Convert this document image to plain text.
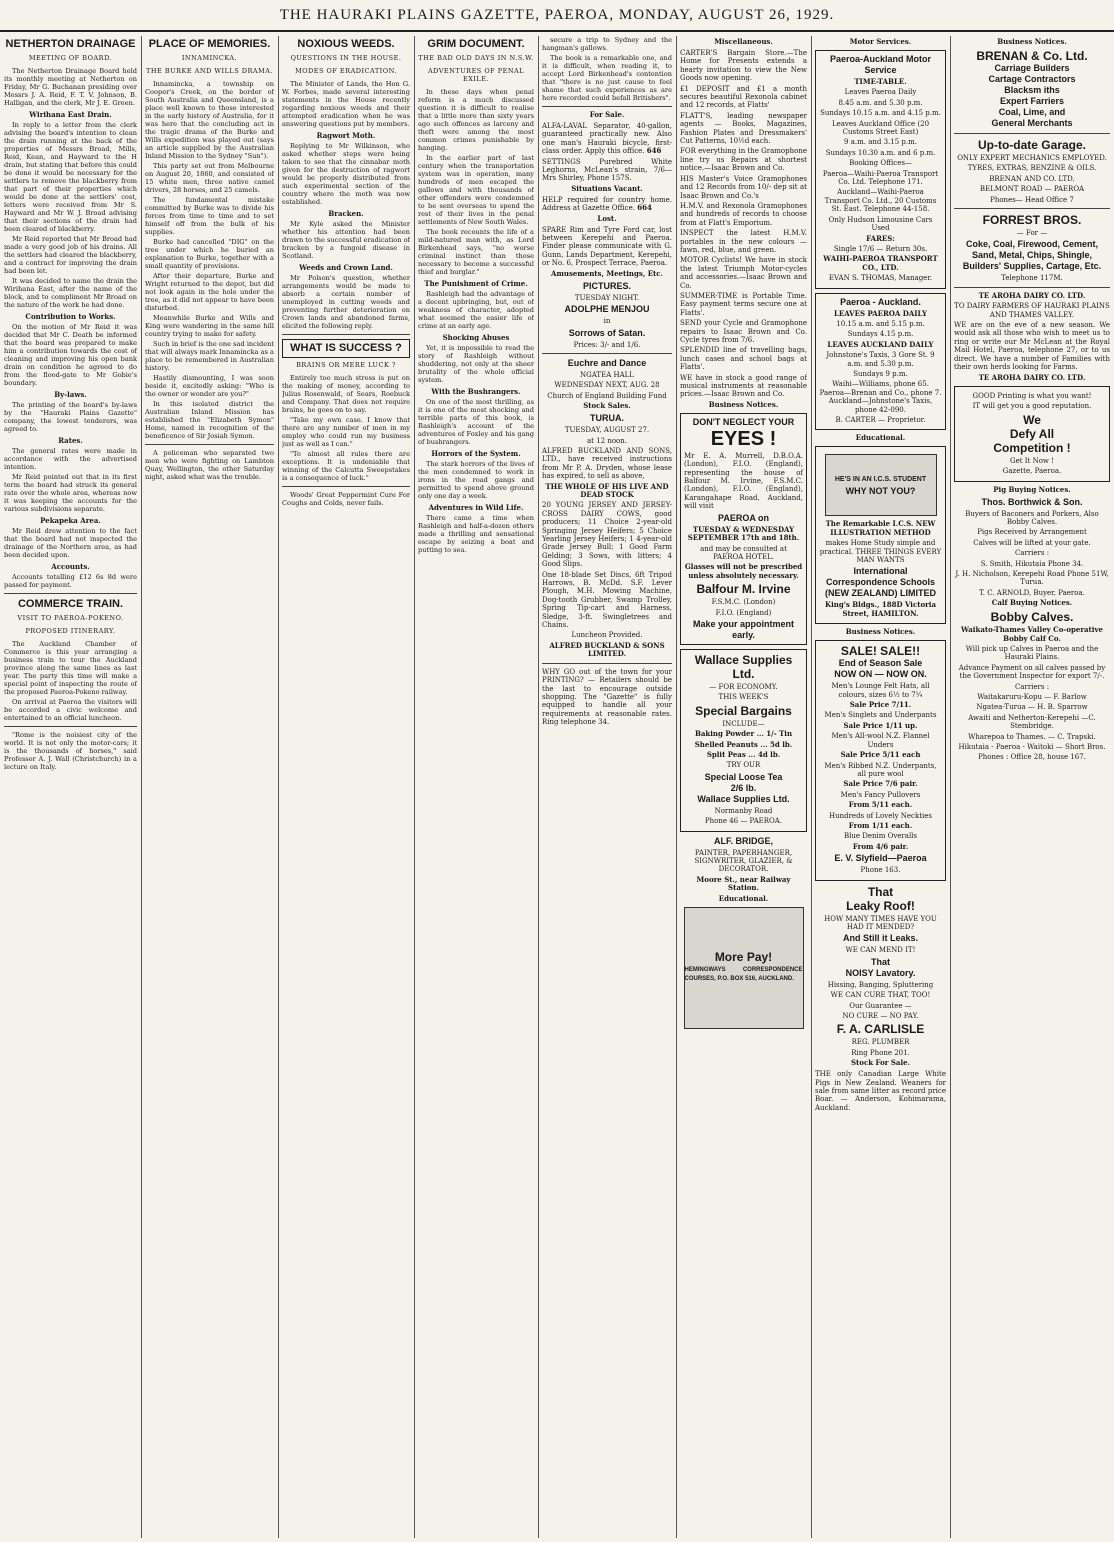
THE HAURAKI PLAINS GAZETTE, PAEROA, MONDAY, AUGUST 26, 1929.
NETHERTON DRAINAGE
MEETING OF BOARD.

The Netherton Drainage Board held its monthly meeting at Netherton on Friday, Mr G. Buchanan presiding over Messrs J. A. Reid, F. T. V. Johnson, B. Halligan, and the clerk, Mr J. E. Green.

Wirihana East Drain.

In reply to a letter from the clerk advising the board's intention to clean the drain running at the back of the properties of Messrs Broad, Mills, Reid, Kean, and Hayward to the H drain, but stating that before this could be done it would be necessary for the settlers to remove the blackberry from that part of their properties which would be done at the settlers' cost, letters were received from Mr S. Hayward and Mr W. J. Broad advising that their sections of the drain had been cleared of blackberry.

Mr Reid reported that Mr Broad had made a very good job of his drains. All the settlers had cleared the blackberry, and a contract for improving the drain had been let.

It was decided to name the drain the Wirihana East, after the name of the block, and to compliment Mr Broad on the nature of the work he had done.

Contribution to Works.

On the motion of Mr Reid it was decided that Mr C. Death be informed that the board was prepared to make him a contribution towards the cost of cleaning and improving his open bank drain on condition he agreed to do from the flood-gate to Mr Gobie's boundary.

By-laws.

The printing of the board's by-laws by the "Hauraki Plains Gazette" company, the lowest tenderers, was agreed to.

Rates.

The general rates were made in accordance with the advertised intention.

Mr Reid pointed out that in its first term the board had struck its general rate over the whole area, whereas now it was keeping the accounts for the various subdivisions separate.

Pekapeka Area.

Mr Reid drew attention to the fact that the board had not inspected the drainage of the Northern area, as had been decided upon.

Accounts.

Accounts totalling £12 6s 8d were passed for payment.

COMMERCE TRAIN.
VISIT TO PAEROA-POKENO.
PROPOSED ITINERARY.

The Auckland Chamber of Commerce is this year arranging a business train to tour the Auckland province along the same lines as last year. The party this time will make a special point of inspecting the route of the proposed Paeroa-Pokeno railway.

On arrival at Paeroa the visitors will be accorded a civic welcome and entertained to an official luncheon.

"Rome is the noisiest city of the world. It is not only the motor-cars; it is the thousands of horses," said Professor A. J. Wall (Christchurch) in a lecture on Italy.

PLACE OF MEMORIES.
INNAMINCKA.
THE BURKE AND WILLS DRAMA.

Innamincka, a township on Cooper's Creek, on the border of South Australia and Queensland, is a place well known to those interested in the early history of Australia, for it was here that the concluding act in the tragic drama of the Burke and Wills expedition was played out (says an article supplied by the Australian Inland Mission to the Sydney "Sun").

This party set out from Melbourne on August 20, 1860, and consisted of 15 white men, three native camel drivers, 28 horses, and 25 camels.

The fundamental mistake committed by Burke was to divide his forces from time to time and to set himself off from the bulk of his supplies.

Burke had cancelled "DIG" on the tree under which he buried an explanation to Burke, together with a small quantity of provisions.

After their departure, Burke and Wright returned to the depot, but did not look again in the hole under the tree, as it did not appear to have been disturbed.

Meanwhile Burke and Wills and King were wandering in the same hill country trying to make for safety.

Such in brief is the one sad incident that will always mark Innamincka as a place to be remembered in Australian history.

Hastily dismounting, I was soon beside it, excitedly asking: "Who is the owner or wonder are you?"

In this isolated district the Australian Inland Mission has established the "Elizabeth Symon" Home, named in recognition of the beneficence of Sir Josiah Symon.

A policeman who separated two men who were fighting on Lambton Quay, Wellington, the other Saturday night, asked what was the trouble.

NOXIOUS WEEDS.
QUESTIONS IN THE HOUSE.
MODES OF ERADICATION.

The Minister of Lands, the Hon G. W. Forbes, made several interesting statements in the House recently regarding noxious weeds and their attempted eradication when he was answering questions put by members.

Ragwort Moth.

Replying to Mr Wilkinson, who asked whether steps were being taken to see that the cinnabar moth given for the destruction of ragwort would be properly distributed from such experimental section of the country where the moth was now established.

Bracken.

Mr Kyle asked the Minister whether his attention had been drawn to the successful eradication of bracken by a fungoid disease in Scotland.

Weeds and Crown Land.

Mr Polson's question, whether arrangements would be made to absorb a certain number of unemployed in cutting weeds and preventing further deterioration on Crown lands and abandoned farms, elicited the following reply.

WHAT IS SUCCESS ?
BRAINS OR MERE LUCK ?

Entirely too much stress is put on the making of money, according to Julius Rosenwald, of Sears, Roebuck and Company. That does not require brains, he goes on to say.

"Take my own case. I know that there are any number of men in my employ who could run my business just as well as I can."

"To almost all rules there are exceptions. It is undeniable that winning of the Calcutta Sweepstakes is a consequence of luck."

Woods' Great Peppermint Cure For Coughs and Colds, never fails.

GRIM DOCUMENT.
THE BAD OLD DAYS IN N.S.W.
ADVENTURES OF PENAL EXILE.

In these days when penal reform is a much discussed question it is difficult to realise that a little more than sixty years ago such offences as larceny and theft were among the most common crimes punishable by hanging.

In the earlier part of last century when the transportation system was in operation, many hundreds of men escaped the gallows and with thousands of other offenders were condemned to be sent overseas to spend the rest of their lives in the penal settlements of New South Wales.

The book recounts the life of a mild-natured man with, as Lord Birkenhead says, "no worse criminal instinct than those necessary to become a successful thief and burglar."

The Punishment of Crime.

Rashleigh had the advantage of a decent upbringing, but, out of weakness of character, adopted what seemed the easier life of crime at an early age.

Shocking Abuses

Yet, it is impossible to read the story of Rashleigh without shuddering, not only at the sheer brutality of the whole official system.

With the Bushrangers.

On one of the most thrilling, as it is one of the most shocking and terrible parts of this book, is Rashleigh's account of the adventures of Foxley and his gang of bushrangers.

Horrors of the System.

The stark horrors of the lives of the men condemned to work in irons in the road gangs and permitted to spend above ground only one day a week.

Adventures in Wild Life.

There came a time when Rashleigh and half-a-dozen others made a thrilling and sensational escape by seizing a boat and putting to sea.

secure a trip to Sydney and the hangman's gallows.

The book is a remarkable one, and it is difficult, when reading it, to accept Lord Birkenhead's contention that "there is no just cause to feel shame that such experiences as are here recorded could befall Britishers".

For Sale.
ALFA-LAVAL Separator, 40-gallon, guaranteed practically new. Also one man's Hauraki bicycle, first-class order. Apply this office. 646
SETTINGS Purebred White Leghorns, McLean's strain, 7/6—Mrs Shirley, Phone 157S.
Situations Vacant.
HELP required for country home. Address at Gazette Office. 664
Lost.
SPARE Rim and Tyre Ford car, lost between Kerepehi and Paeroa. Finder please communicate with G. Gunn, Lands Department, Kerepehi, or No. 6, Prospect Terrace, Paeroa.
Amusements, Meetings, Etc.
PICTURES.
TUESDAY NIGHT.
ADOLPHE MENJOU
in
Sorrows of Satan.
Prices: 3/- and 1/6.
Euchre and Dance
NGATEA HALL
WEDNESDAY NEXT, AUG. 28
Church of England Building Fund
Stock Sales.
TURUA.
TUESDAY, AUGUST 27.
at 12 noon.
ALFRED BUCKLAND AND SONS, LTD., have received instructions from Mr P. A. Dryden, whose lease has expired, to sell as above,
THE WHOLE OF HIS LIVE AND DEAD STOCK
20 YOUNG JERSEY AND JERSEY-CROSS DAIRY COWS, good producers; 11 Choice 2-year-old Springing Jersey Heifers; 5 Choice Yearling Jersey Heifers; 1 4-year-old Grade Jersey Bull; 1 Good Farm Gelding; 3 Sows, with litters; 4 Good Slips.
One 18-blade Set Discs, 6ft Tripod Harrows, B. McDd. S.F. Lever Plough, M.H. Mowing Machine, Dog-tooth Grubber, Swamp Trolley, Spring Tip-cart and Harness, Sledge, 3-ft. Swingletrees and Chains.
Luncheon Provided.
ALFRED BUCKLAND & SONS LIMITED.
WHY GO out of the town for your PRINTING? — Retailers should be the last to encourage outside shopping. The "Gazette" is fully equipped to handle all your requirements at reasonable rates. Ring telephone 34.
Miscellaneous.
CARTER'S Bargain Store.—The Home for Presents extends a hearty invitation to view the New Goods now opening.
£1 DEPOSIT and £1 a month secures beautiful Rexonola cabinet and 12 records, at Flatts'
FLATT'S, leading newspaper agents — Books, Magazines, Fashion Plates and Dressmakers' Cut Patterns, 10½d each.
FOR everything in the Gramophone line try us Repairs at shortest notice.—Isaac Brown and Co.
HIS Master's Voice Gramophones and 12 Records from 10/- dep sit at Isaac Brown and Co.'s
H.M.V. and Rexonola Gramophones and hundreds of records to choose from at Flatt's Emporium.
INSPECT the latest H.M.V. portables in the new colours —fawn, red, blue, and green.
MOTOR Cyclists! We have in stock the latest Triumph Motor-cycles and accessories.—Isaac Brown and Co.
SUMMER-TIME is Portable Time. Easy payment terms secure one at Flatts'.
SEND your Cycle and Gramophone repairs to Isaac Brown and Co. Cycle tyres from 7/6.
SPLENDID line of travelling bags, lunch cases and school bags at Flatts'.
WE have in stock a good range of musical instruments at reasonable prices.—Isaac Brown and Co.
Business Notices.
DON'T NEGLECT YOUR
EYES !
Mr E. A. Murrell, D.B.O.A. (London), F.I.O. (England), representing the house of Balfour M. Irvine, F.S.M.C. (London), F.I.O. (England), Karangahape Road, Auckland, will visit
PAEROA on
TUESDAY & WEDNESDAY SEPTEMBER 17th and 18th.
and may be consulted at PAEROA HOTEL.
Glasses will not be prescribed unless absolutely necessary.
Balfour M. Irvine
F.S.M.C. (London)
F.I.O. (England)
Make your appointment early.
Wallace Supplies Ltd.
— FOR ECONOMY.
THIS WEEK'S
Special Bargains
INCLUDE—
Baking Powder ... 1/- Tin
Shelled Peanuts ... 5d lb.
Split Peas ... 4d lb.
TRY OUR
Special Loose Tea
2/6 lb.
Wallace Supplies Ltd.
Normanby Road
Phone 46 — PAEROA.
ALF. BRIDGE,
PAINTER, PAPERHANGER, SIGNWRITER, GLAZIER, & DECORATOR.
Moore St., near Railway Station.
Educational.
More Pay!
HEMINGWAYS CORRESPONDENCE COURSES, P.O. BOX 516, AUCKLAND.
Motor Services.
Paeroa-Auckland Motor Service
TIME-TABLE.
Leaves Paeroa Daily
8.45 a.m. and 5.30 p.m.
Sundays 10.15 a.m. and 4.15 p.m.
Leaves Auckland Office (20 Customs Street East)
9 a.m. and 3.15 p.m.
Sundays 10.30 a.m. and 6 p.m.
Booking Offices—
Paeroa—Waihi-Paeroa Transport Co. Ltd. Telephone 171.
Auckland—Waihi-Paeroa Transport Co. Ltd., 20 Customs St. East. Telephone 44-158.
Only Hudson Limousine Cars Used
FARES:
Single 17/6 — Return 30s.
WAIHI-PAEROA TRANSPORT CO., LTD.
EVAN S. THOMAS, Manager.
Paeroa - Auckland.
LEAVES PAEROA DAILY
10.15 a.m. and 5.15 p.m.
Sundays 4.15 p.m.
LEAVES AUCKLAND DAILY
Johnstone's Taxis, 3 Gore St. 9 a.m. and 5.30 p.m.
Sundays 9 p.m.
Waihi—Williams, phone 65. Paeroa—Brenan and Co., phone 7. Auckland—Johnstone's Taxis, phone 42-090.
B. CARTER — Proprietor.
Educational.
HE'S IN AN I.C.S. STUDENT
WHY NOT YOU?
The Remarkable I.C.S. NEW ILLUSTRATION METHOD
makes Home Study simple and practical. THREE THINGS EVERY MAN WANTS
International Correspondence Schools (NEW ZEALAND) LIMITED
King's Bldgs., 188D Victoria Street, HAMILTON.
Business Notices.
SALE! SALE!!
End of Season Sale
NOW ON — NOW ON.
Men's Lounge Felt Hats, all colours, sizes 6½ to 7¼
Sale Price 7/11.
Men's Singlets and Underpants
Sale Price 1/11 up.
Men's All-wool N.Z. Flannel Unders
Sale Price 5/11 each
Men's Ribbed N.Z. Underpants, all pure wool
Sale Price 7/6 pair.
Men's Fancy Pullovers
From 5/11 each.
Hundreds of Lovely Neckties
From 1/11 each.
Blue Denim Overalls
From 4/6 pair.
E. V. Slyfield—Paeroa
Phone 163.
That
Leaky Roof!
HOW MANY TIMES HAVE YOU HAD IT MENDED?
And Still it Leaks.
WE CAN MEND IT!
That
NOISY Lavatory.
Hissing, Banging, Spluttering
WE CAN CURE THAT, TOO!
Our Guarantee —
NO CURE — NO PAY.
F. A. CARLISLE
REG. PLUMBER
Ring Phone 201.
Stock For Sale.
THE only Canadian Large White Pigs in New Zealand. Weaners for sale from same litter as record price Boar. — Anderson, Kohimarama, Auckland.
Business Notices.
BRENAN & Co. Ltd.
Carriage Builders
Cartage Contractors
Blacksm iths
Expert Farriers
Coal, Lime, and
General Merchants
Up-to-date Garage.
ONLY EXPERT MECHANICS EMPLOYED.
TYRES, EXTRAS, BENZINE & OILS.
BRENAN AND CO. LTD.
BELMONT ROAD — PAEROA
Phones— Head Office 7
FORREST BROS.
— For —
Coke, Coal, Firewood, Cement, Sand, Metal, Chips, Shingle, Builders' Supplies, Cartage, Etc.
Telephone 117M.
TE AROHA DAIRY CO. LTD.
TO DAIRY FARMERS OF HAURAKI PLAINS AND THAMES VALLEY.
WE are on the eve of a new season. We would ask all those who wish to meet us to ring or write our Mr McLean at the Royal Mail Hotel, Paeroa, telephone 27, or to us direct. We have a number of Families with their own herds looking for Farms.
TE AROHA DAIRY CO. LTD.
GOOD Printing is what you want!
IT will get you a good reputation.
We
Defy All
Competition !
Get It Now !
Gazette, Paeroa.
Pig Buying Notices.
Thos. Borthwick & Son.
Buyers of Baconers and Porkers, Also Bobby Calves.
Pigs Received by Arrangement
Calves will be lifted at your gate.
Carriers :
S. Smith, Hikutaia Phone 34.
J. H. Nicholson, Kerepehi Road Phone 51W, Turua.
T. C. ARNOLD, Buyer, Paeroa.
Calf Buying Notices.
Bobby Calves.
Waikato-Thames Valley Co-operative Bobby Calf Co.
Will pick up Calves in Paeroa and the Hauraki Plains.
Advance Payment on all calves passed by the Government Inspector for export 7/-.
Carriers :
Waitakaruru-Kopu — F. Barlow
Ngatea-Turua — H. B. Sparrow
Awaiti and Netherton-Kerepehi —C. Stembridge.
Wharepoa to Thames. — C. Trapski.
Hikutaia - Paeroa - Waitoki — Short Bros.
Phones : Office 28, house 167.
